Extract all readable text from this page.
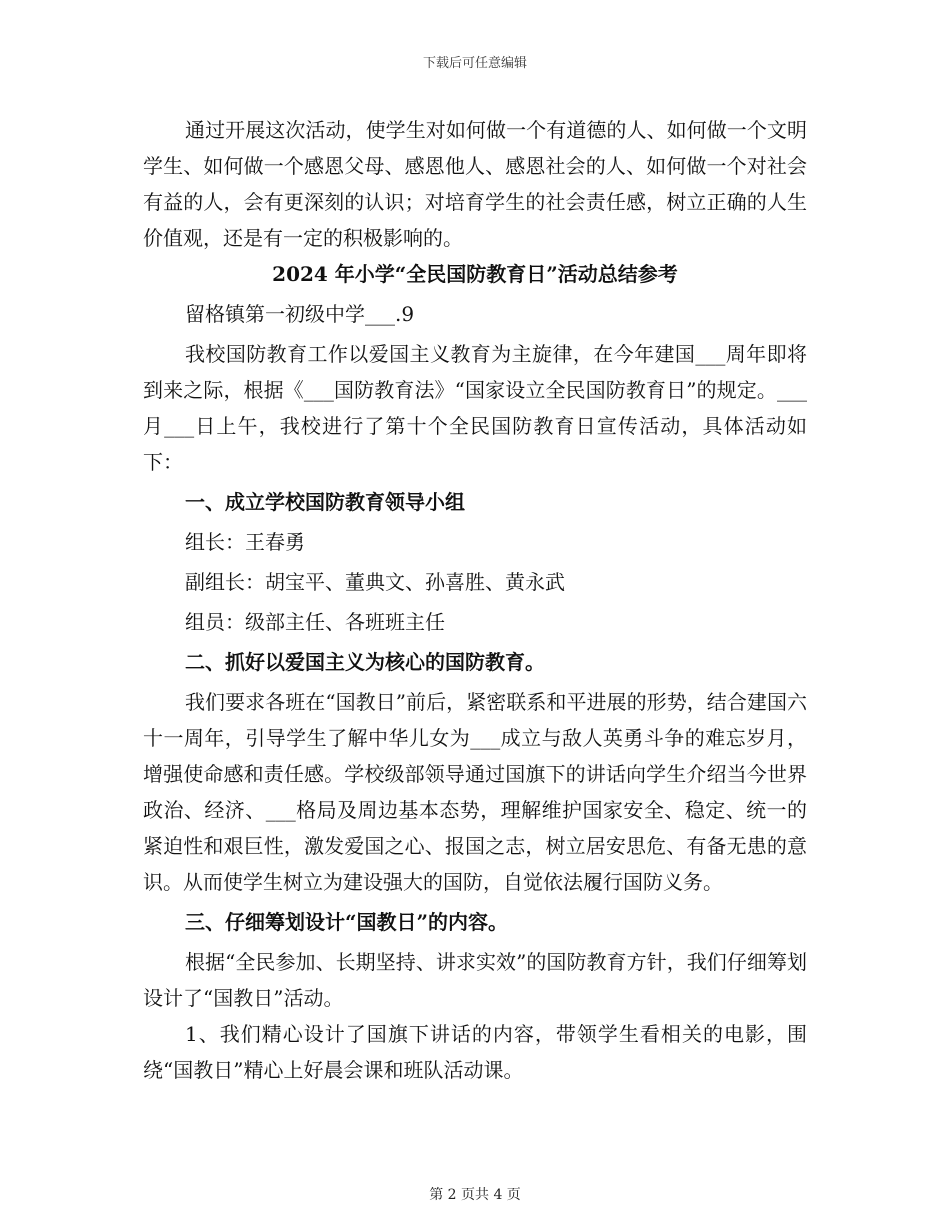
下载后可任意编辑

通过开展这次活动，使学生对如何做一个有道德的人、如何做一个文明学生、如何做一个感恩父母、感恩他人、感恩社会的人、如何做一个对社会有益的人，会有更深刻的认识；对培育学生的社会责任感，树立正确的人生价值观，还是有一定的积极影响的。

2024 年小学“全民国防教育日”活动总结参考

留格镇第一初级中学___.9

我校国防教育工作以爱国主义教育为主旋律，在今年建国___周年即将到来之际，根据《___国防教育法》“国家设立全民国防教育日”的规定。___月___日上午，我校进行了第十个全民国防教育日宣传活动，具体活动如下：

一、成立学校国防教育领导小组

组长：王春勇

副组长：胡宝平、董典文、孙喜胜、黄永武

组员：级部主任、各班班主任

二、抓好以爱国主义为核心的国防教育。

我们要求各班在“国教日”前后，紧密联系和平进展的形势，结合建国六十一周年，引导学生了解中华儿女为___成立与敌人英勇斗争的难忘岁月，增强使命感和责任感。学校级部领导通过国旗下的讲话向学生介绍当今世界政治、经济、___格局及周边基本态势，理解维护国家安全、稳定、统一的紧迫性和艰巨性，激发爱国之心、报国之志，树立居安思危、有备无患的意识。从而使学生树立为建设强大的国防，自觉依法履行国防义务。

三、仔细筹划设计“国教日”的内容。

根据“全民参加、长期坚持、讲求实效”的国防教育方针，我们仔细筹划设计了“国教日”活动。

1、我们精心设计了国旗下讲话的内容，带领学生看相关的电影，围绕“国教日”精心上好晨会课和班队活动课。

第 2 页共 4 页
